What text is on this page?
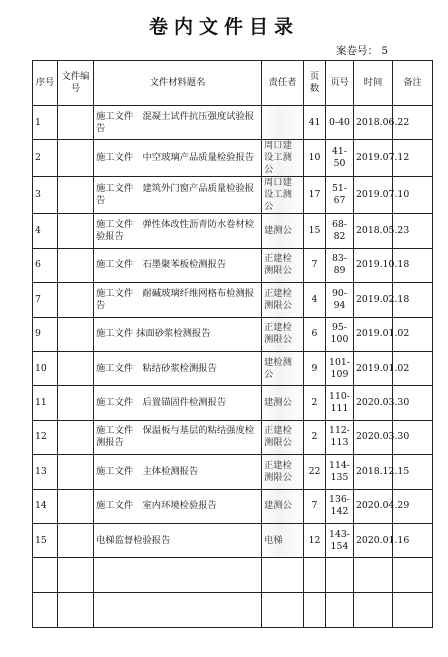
卷内文件目录
案卷号： 5
序号	文件编号	文件材料题名	责任者	页数	页号	时间	备注
1		施工文件　混凝土试件抗压强度试验报告		41	0-40	2018.06.22	
2		施工文件　中空玻璃产品质量检验报告	周口建设工测公	10	41-50	2019.07.12	
3		施工文件　建筑外门窗产品质量检验报告	周口建设工测公	17	51-67	2019.07.10	
4		施工文件　弹性体改性沥青防水卷材检验报告	建测公	15	68-82	2018.05.23	
6		施工文件　石墨聚苯板检测报告	正建检测限公	7	83-89	2019.10.18	
7		施工文件　耐碱玻璃纤维网格布检测报告	正建检测限公	4	90-94	2019.02.18	
9		施工文件 抹面砂浆检测报告	正建检测限公	6	95-100	2019.01.02	
10		施工文件　粘结砂浆检测报告	建检测公	9	101-109	2019.01.02	
11		施工文件　后置锚固件检测报告	建测公	2	110-111	2020.03.30	
12		施工文件　保温板与基层的粘结强度检测报告	正建检测限公	2	112-113	2020.03.30	
13		施工文件　主体检测报告	正建检测限公	22	114-135	2018.12.15	
14		施工文件　室内环境检验报告	建测公	7	136-142	2020.04.29	
15		电梯监督检验报告	电梯	12	143-154	2020.01.16	
